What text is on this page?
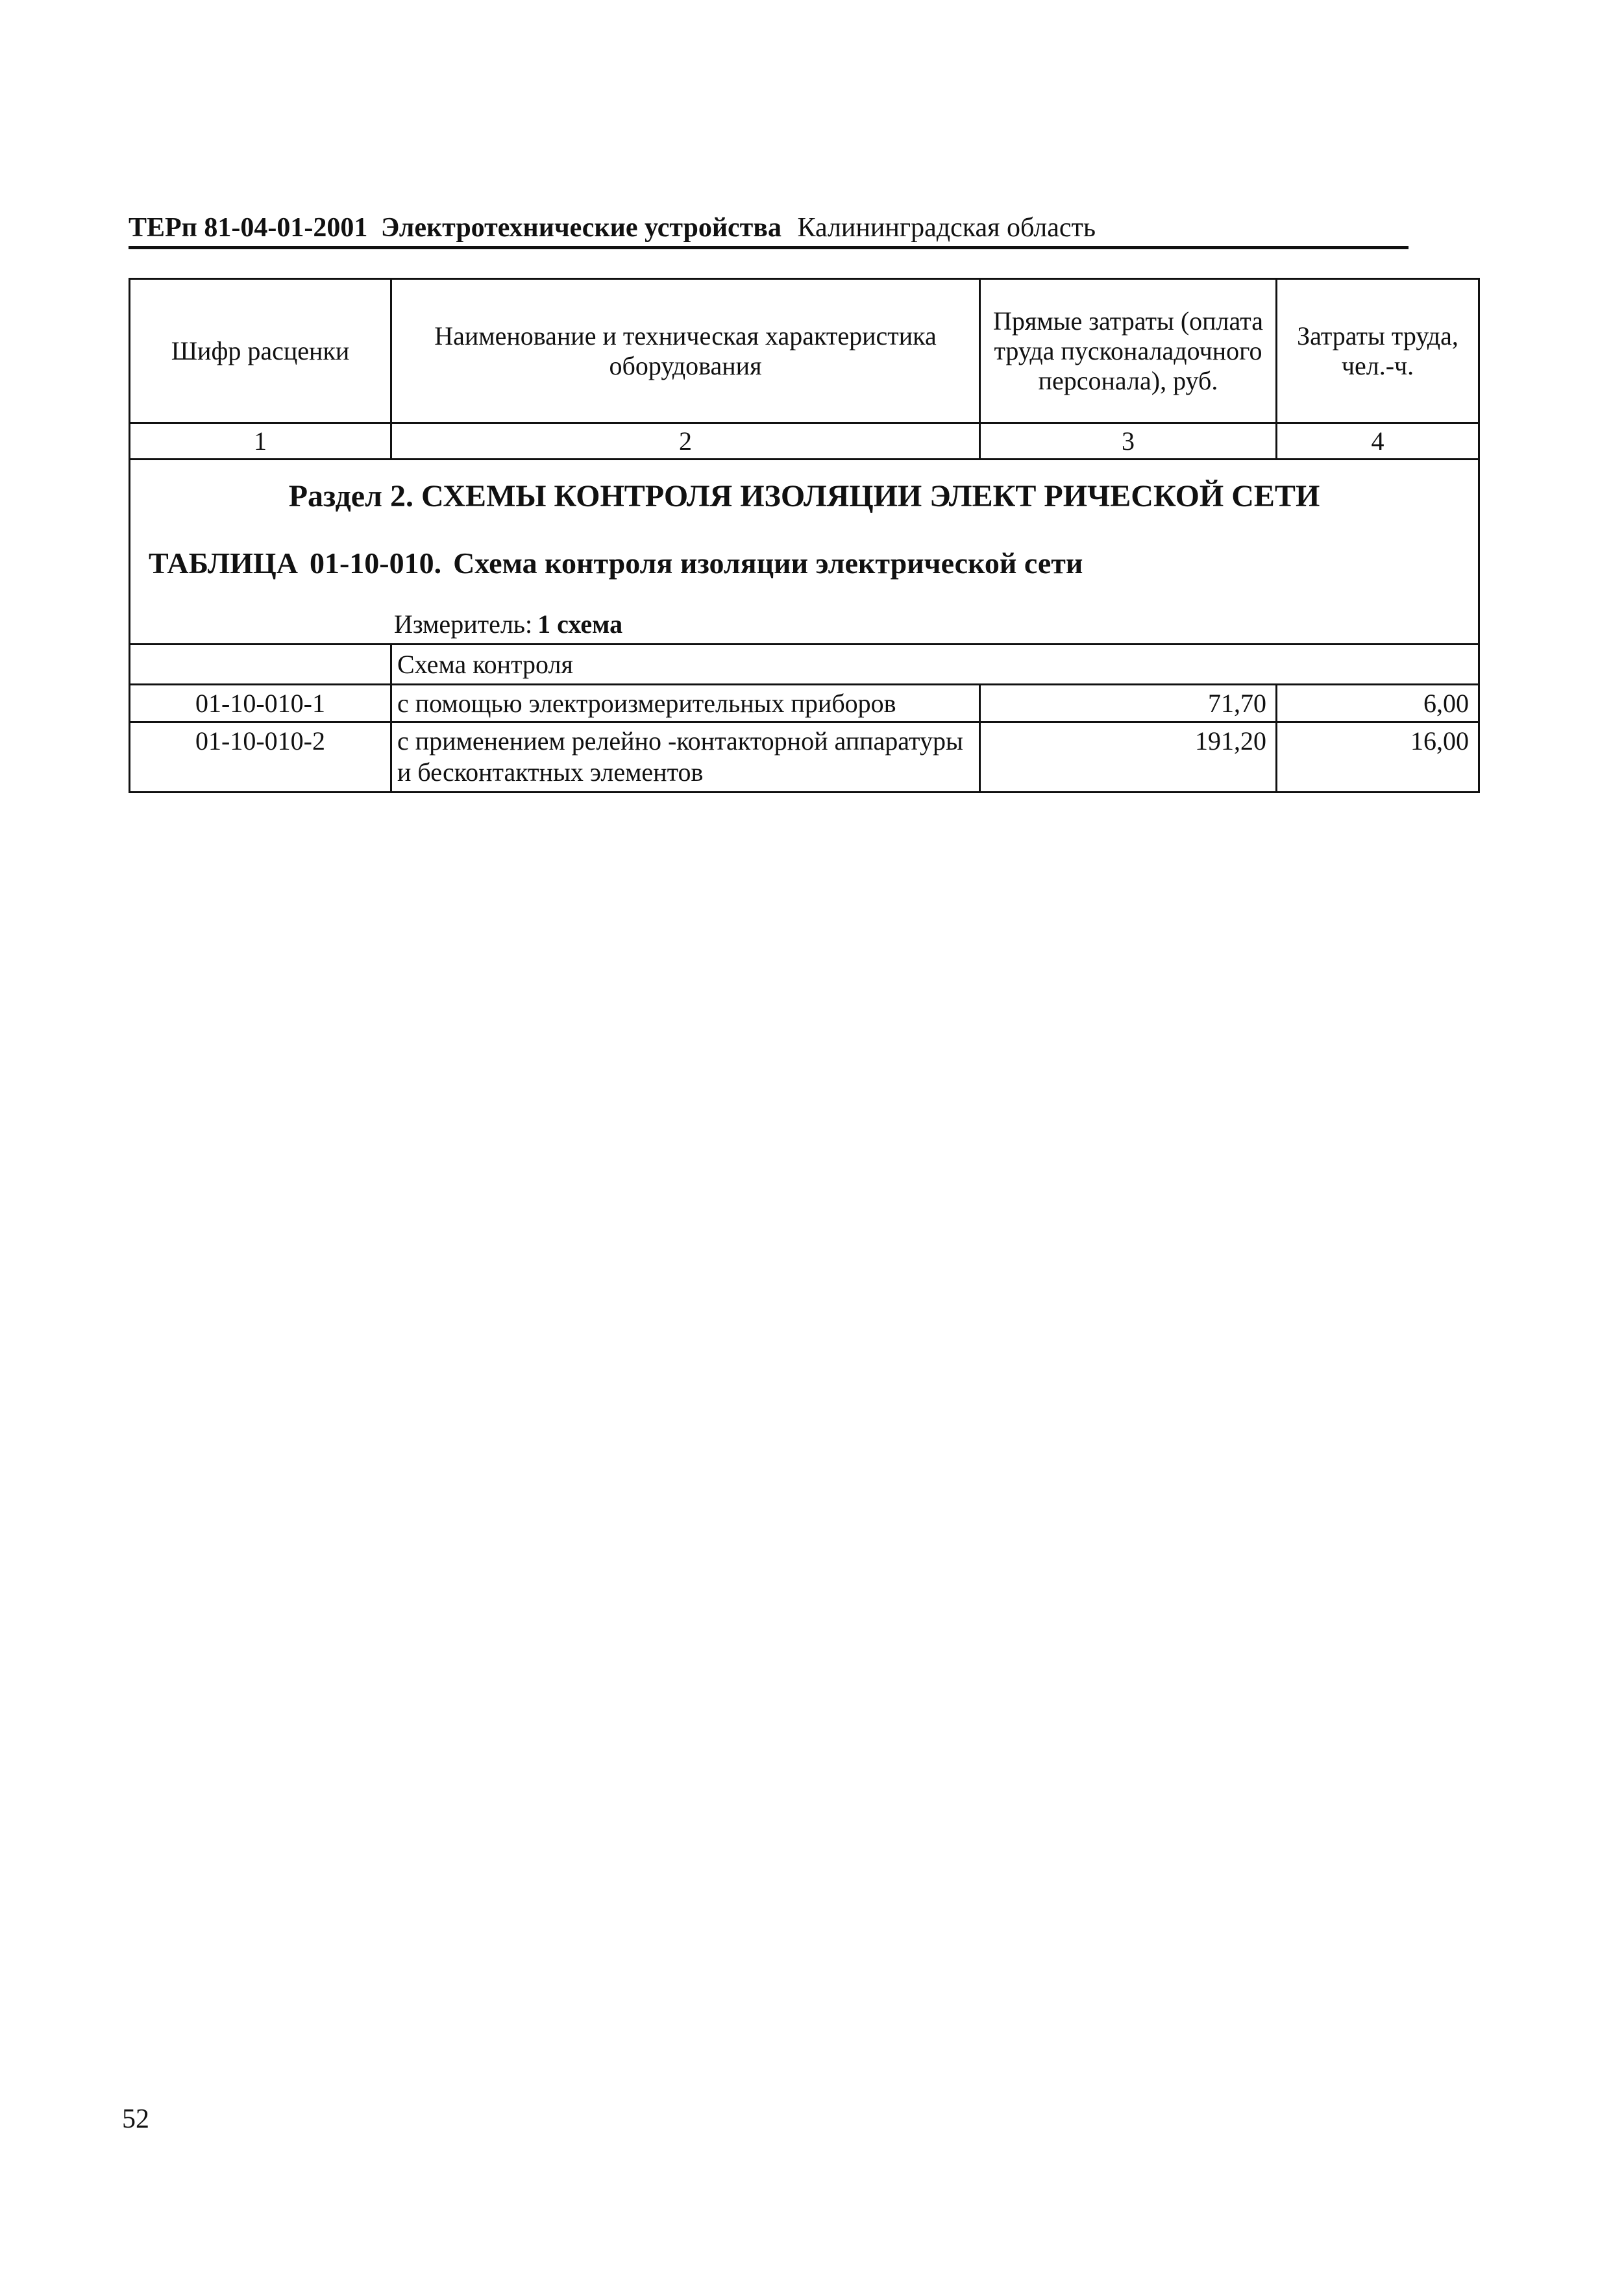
ТЕРп 81-04-01-2001 Электротехнические устройства Калининградская область
Шифр расценки	Наименование и техническая характеристика оборудования	Прямые затраты (оплата труда пусконаладочного персонала), руб.	Затраты труда, чел.-ч.
1	2	3	4

Раздел 2. СХЕМЫ КОНТРОЛЯ ИЗОЛЯЦИИ ЭЛЕКТ РИЧЕСКОЙ СЕТИ
ТАБЛИЦА 01-10-010. Схема контроля изоляции электрической сети
Измеритель: 1 схема			

	Схема контроля		
01-10-010-1	с помощью электроизмерительных приборов	71,70	6,00
01-10-010-2	с применением релейно -контакторной аппаратуры и бесконтактных элементов	191,20	16,00
52
